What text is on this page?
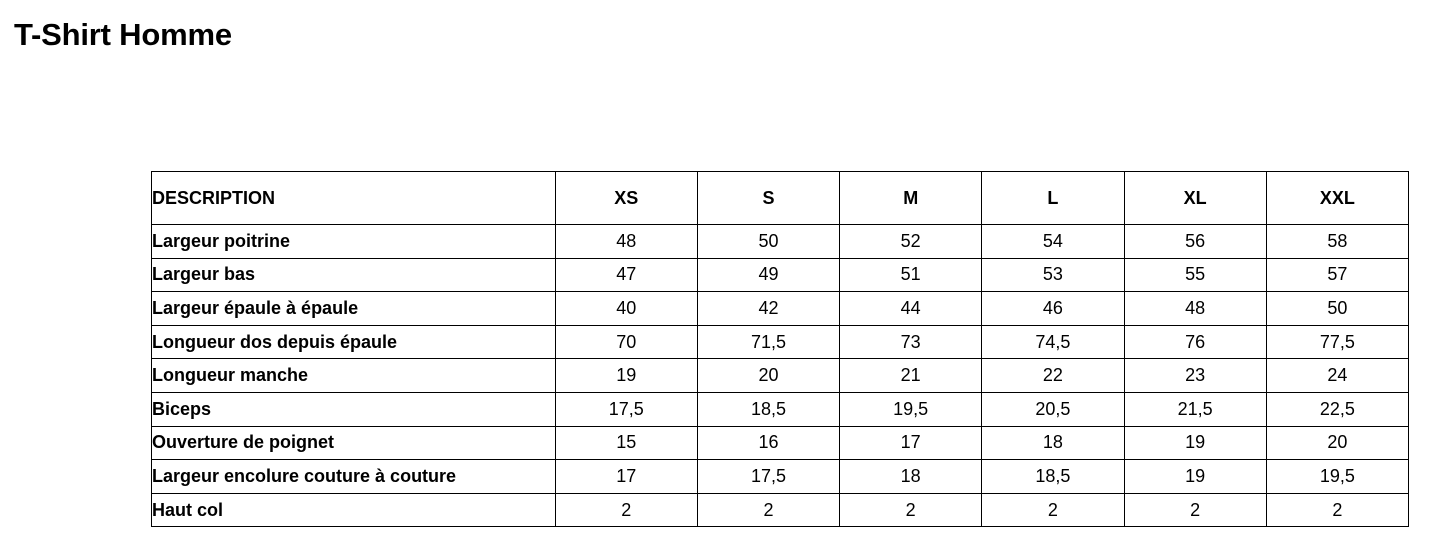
T-Shirt Homme
DESCRIPTION	XS	S	M	L	XL	XXL
Largeur poitrine	48	50	52	54	56	58
Largeur bas	47	49	51	53	55	57
Largeur épaule à épaule	40	42	44	46	48	50
Longueur dos depuis épaule	70	71,5	73	74,5	76	77,5
Longueur manche	19	20	21	22	23	24
Biceps	17,5	18,5	19,5	20,5	21,5	22,5
Ouverture de poignet	15	16	17	18	19	20
Largeur encolure couture à couture	17	17,5	18	18,5	19	19,5
Haut col	2	2	2	2	2	2
